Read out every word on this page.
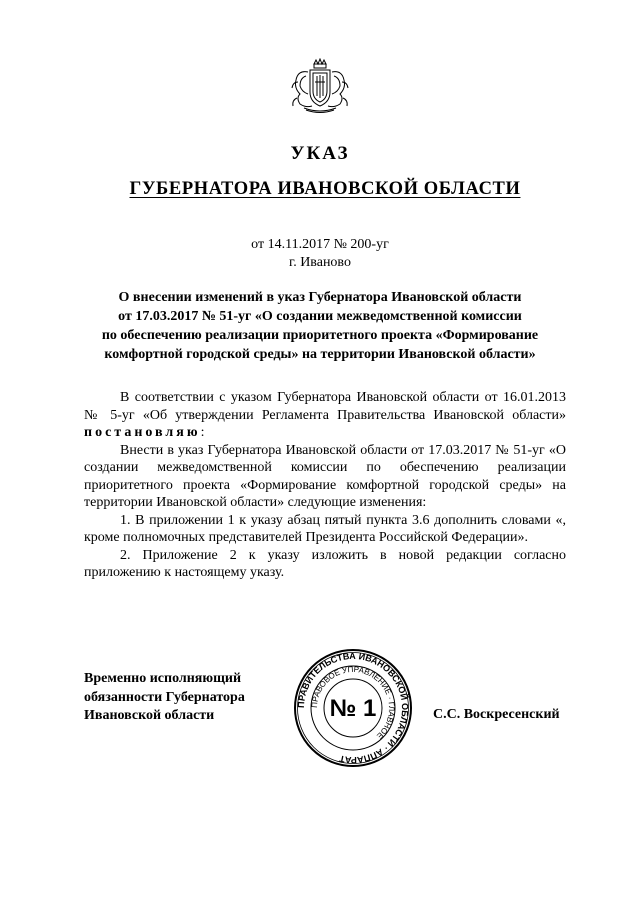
УКАЗ
ГУБЕРНАТОРА ИВАНОВСКОЙ ОБЛАСТИ
от 14.11.2017 № 200-уг
г. Иваново
О внесении изменений в указ Губернатора Ивановской области
от 17.03.2017 № 51-уг «О создании межведомственной комиссии
по обеспечению реализации приоритетного проекта «Формирование
комфортной городской среды» на территории Ивановской области»

В соответствии с указом Губернатора Ивановской области от 16.01.2013 № 5-уг «Об утверждении Регламента Правительства Ивановской области» постановляю:

Внести в указ Губернатора Ивановской области от 17.03.2017 № 51-уг «О создании межведомственной комиссии по обеспечению реализации приоритетного проекта «Формирование комфортной городской среды» на территории Ивановской области» следующие изменения:

1. В приложении 1 к указу абзац пятый пункта 3.6 дополнить словами «, кроме полномочных представителей Президента Российской Федерации».

2. Приложение 2 к указу изложить в новой редакции согласно приложению к настоящему указу.

Временно исполняющий
обязанности Губернатора
Ивановской области
ПРАВИТЕЛЬСТВА ИВАНОВСКОЙ ОБЛАСТИ · АППАРАТ
ПРАВОВОЕ УПРАВЛЕНИЕ · ГЛАВНОЕ
№ 1	С.С. Воскресенский
